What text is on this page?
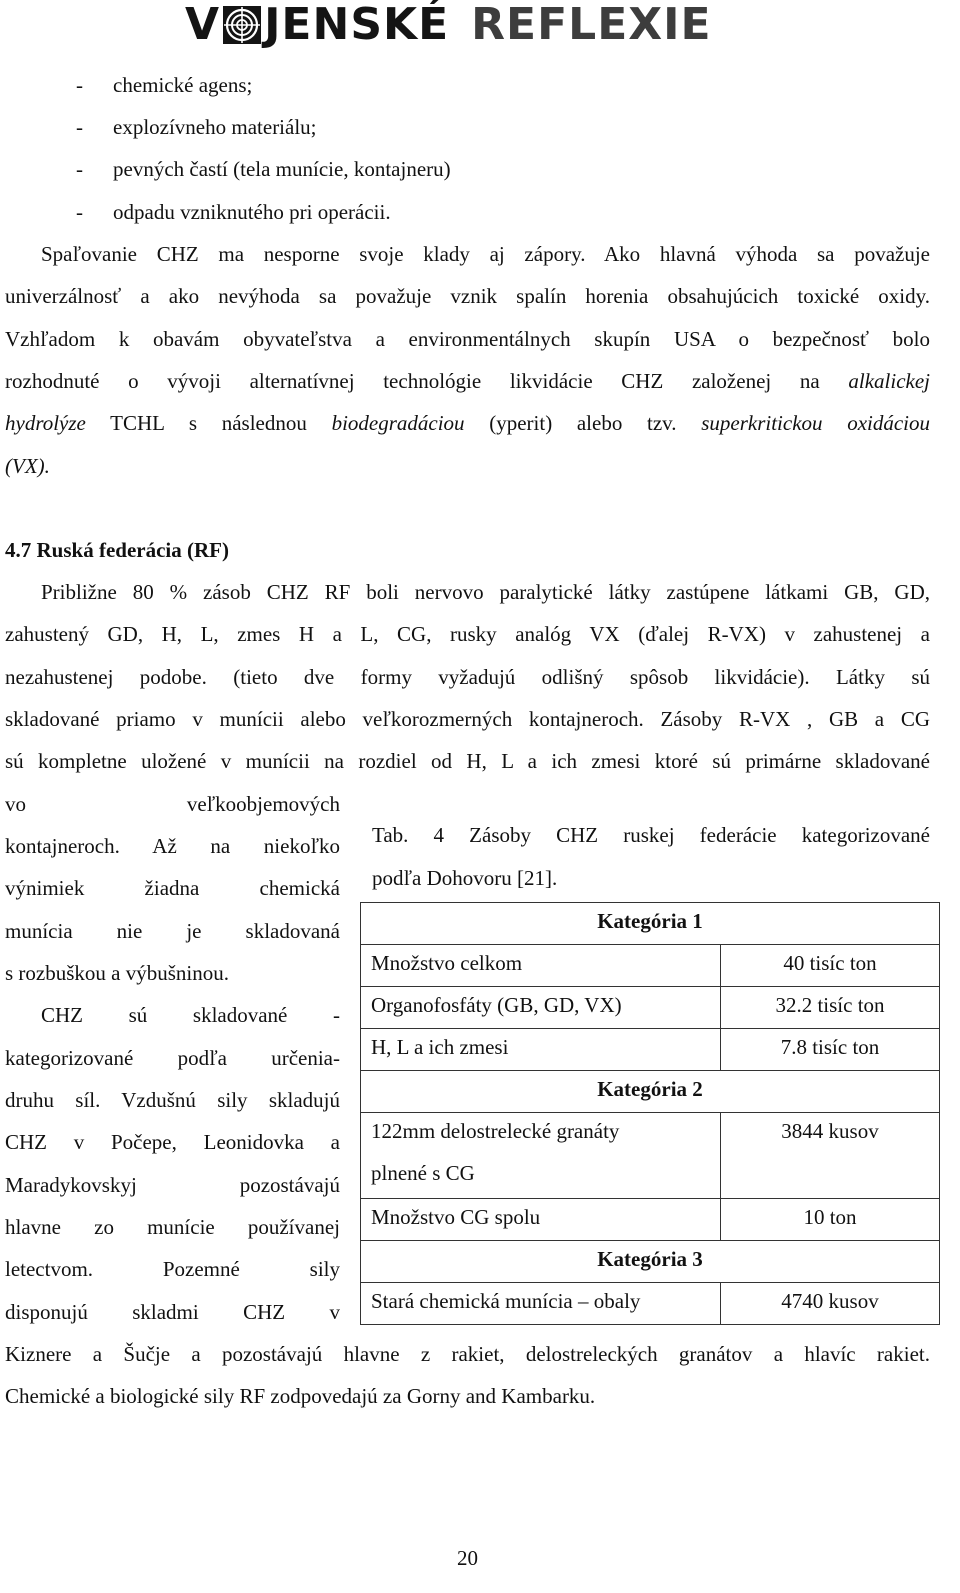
V JENSKÉ REFLEXIE
- chemické agens;
- explozívneho materiálu;
- pevných častí (tela munície, kontajneru)
- odpadu vzniknutého pri operácii.
Spaľovanie CHZ ma nesporne svoje klady aj zápory. Ako hlavná výhoda sa považuje
univerzálnosť a ako nevýhoda sa považuje vznik spalín horenia obsahujúcich toxické oxidy.
Vzhľadom k obavám obyvateľstva a environmentálnych skupín USA o bezpečnosť bolo
rozhodnuté o vývoji alternatívnej technológie likvidácie CHZ založenej na alkalickej
hydrolýze TCHL s následnou biodegradáciou (yperit) alebo tzv. superkritickou oxidáciou
(VX).
4.7 Ruská federácia (RF)
Približne 80 % zásob CHZ RF boli nervovo paralytické látky zastúpene látkami GB, GD,
zahustený GD, H, L, zmes H a L, CG, rusky analóg VX (ďalej R-VX) v zahustenej a
nezahustenej podobe. (tieto dve formy vyžadujú odlišný spôsob likvidácie). Látky sú
skladované priamo v munícii alebo veľkorozmerných kontajneroch. Zásoby R-VX , GB a CG
sú kompletne uložené v munícii na rozdiel od H, L a ich zmesi ktoré sú primárne skladované
vo veľkoobjemových
kontajneroch. Až na niekoľko
výnimiek žiadna chemická
munícia nie je skladovaná
s rozbuškou a výbušninou.
CHZ sú skladované -
kategorizované podľa určenia-
druhu síl. Vzdušnú sily skladujú
CHZ v Počepe, Leonidovka a
Maradykovskyj pozostávajú
hlavne zo munície používanej
letectvom. Pozemné sily
disponujú skladmi CHZ v
Tab. 4 Zásoby CHZ ruskej federácie kategorizované
podľa Dohovoru [21].
Kategória 1	
Množstvo celkom	40 tisíc ton
Organofosfáty (GB, GD, VX)	32.2 tisíc ton
H, L a ich zmesi	7.8 tisíc ton
Kategória 2	

122mm delostrelecké granáty
plnené s CG	3844 kusov
Množstvo CG spolu	10 ton
Kategória 3	
Stará chemická munícia – obaly	4740 kusov
Kiznere a Šučje a pozostávajú hlavne z rakiet, delostreleckých granátov a hlavíc rakiet.
Chemické a biologické sily RF zodpovedajú za Gorny and Kambarku.
20
